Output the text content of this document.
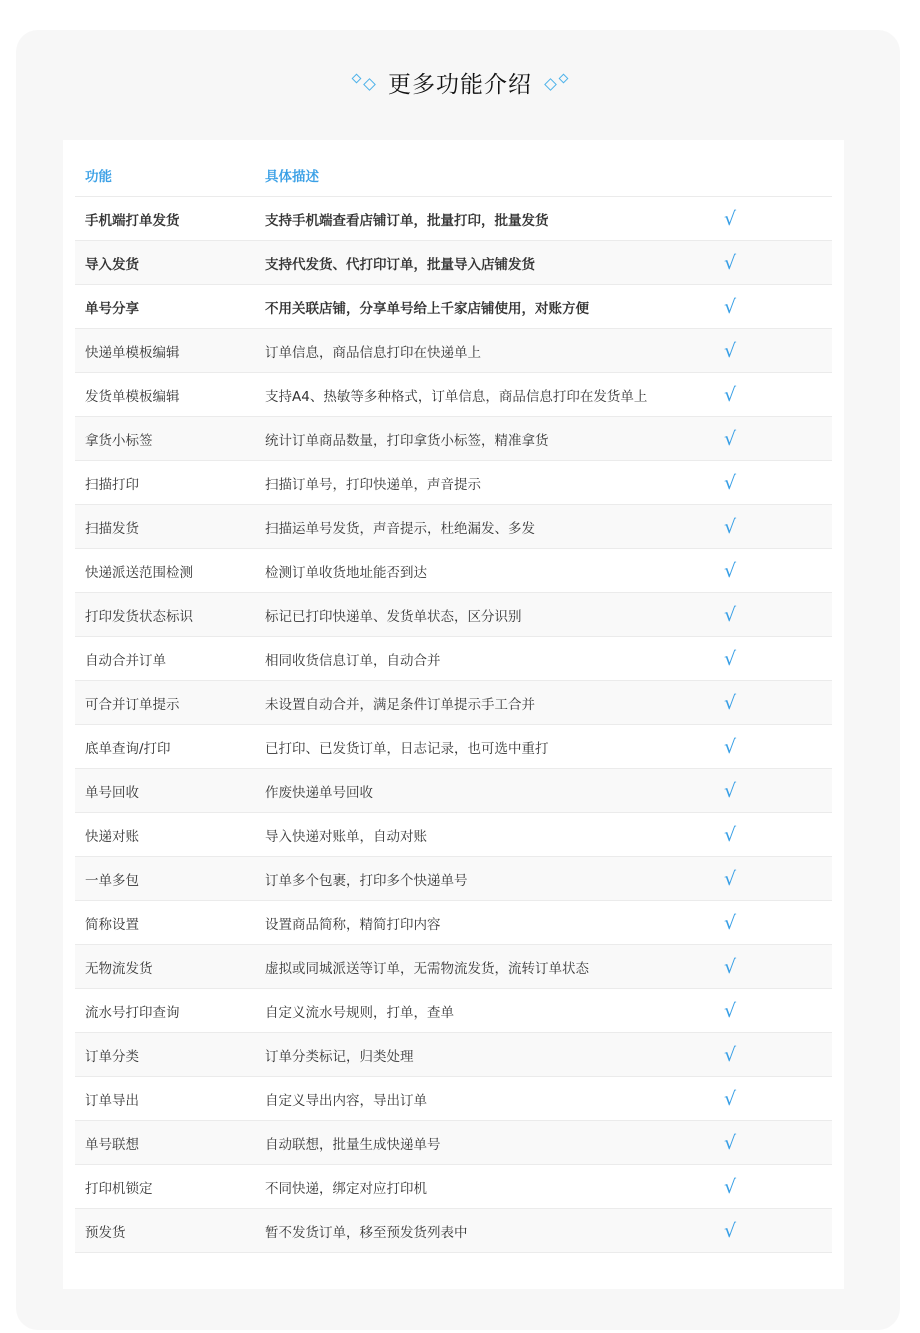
更多功能介绍
功能	具体描述
手机端打单发货	支持手机端查看店铺订单，批量打印，批量发货	√
导入发货	支持代发货、代打印订单，批量导入店铺发货	√
单号分享	不用关联店铺，分享单号给上千家店铺使用，对账方便	√
快递单模板编辑	订单信息，商品信息打印在快递单上	√
发货单模板编辑	支持A4、热敏等多种格式，订单信息，商品信息打印在发货单上	√
拿货小标签	统计订单商品数量，打印拿货小标签，精准拿货	√
扫描打印	扫描订单号，打印快递单，声音提示	√
扫描发货	扫描运单号发货，声音提示，杜绝漏发、多发	√
快递派送范围检测	检测订单收货地址能否到达	√
打印发货状态标识	标记已打印快递单、发货单状态，区分识别	√
自动合并订单	相同收货信息订单，自动合并	√
可合并订单提示	未设置自动合并，满足条件订单提示手工合并	√
底单查询/打印	已打印、已发货订单，日志记录，也可选中重打	√
单号回收	作废快递单号回收	√
快递对账	导入快递对账单，自动对账	√
一单多包	订单多个包裹，打印多个快递单号	√
简称设置	设置商品简称，精简打印内容	√
无物流发货	虚拟或同城派送等订单，无需物流发货，流转订单状态	√
流水号打印查询	自定义流水号规则，打单，查单	√
订单分类	订单分类标记，归类处理	√
订单导出	自定义导出内容，导出订单	√
单号联想	自动联想，批量生成快递单号	√
打印机锁定	不同快递，绑定对应打印机	√
预发货	暂不发货订单，移至预发货列表中	√
